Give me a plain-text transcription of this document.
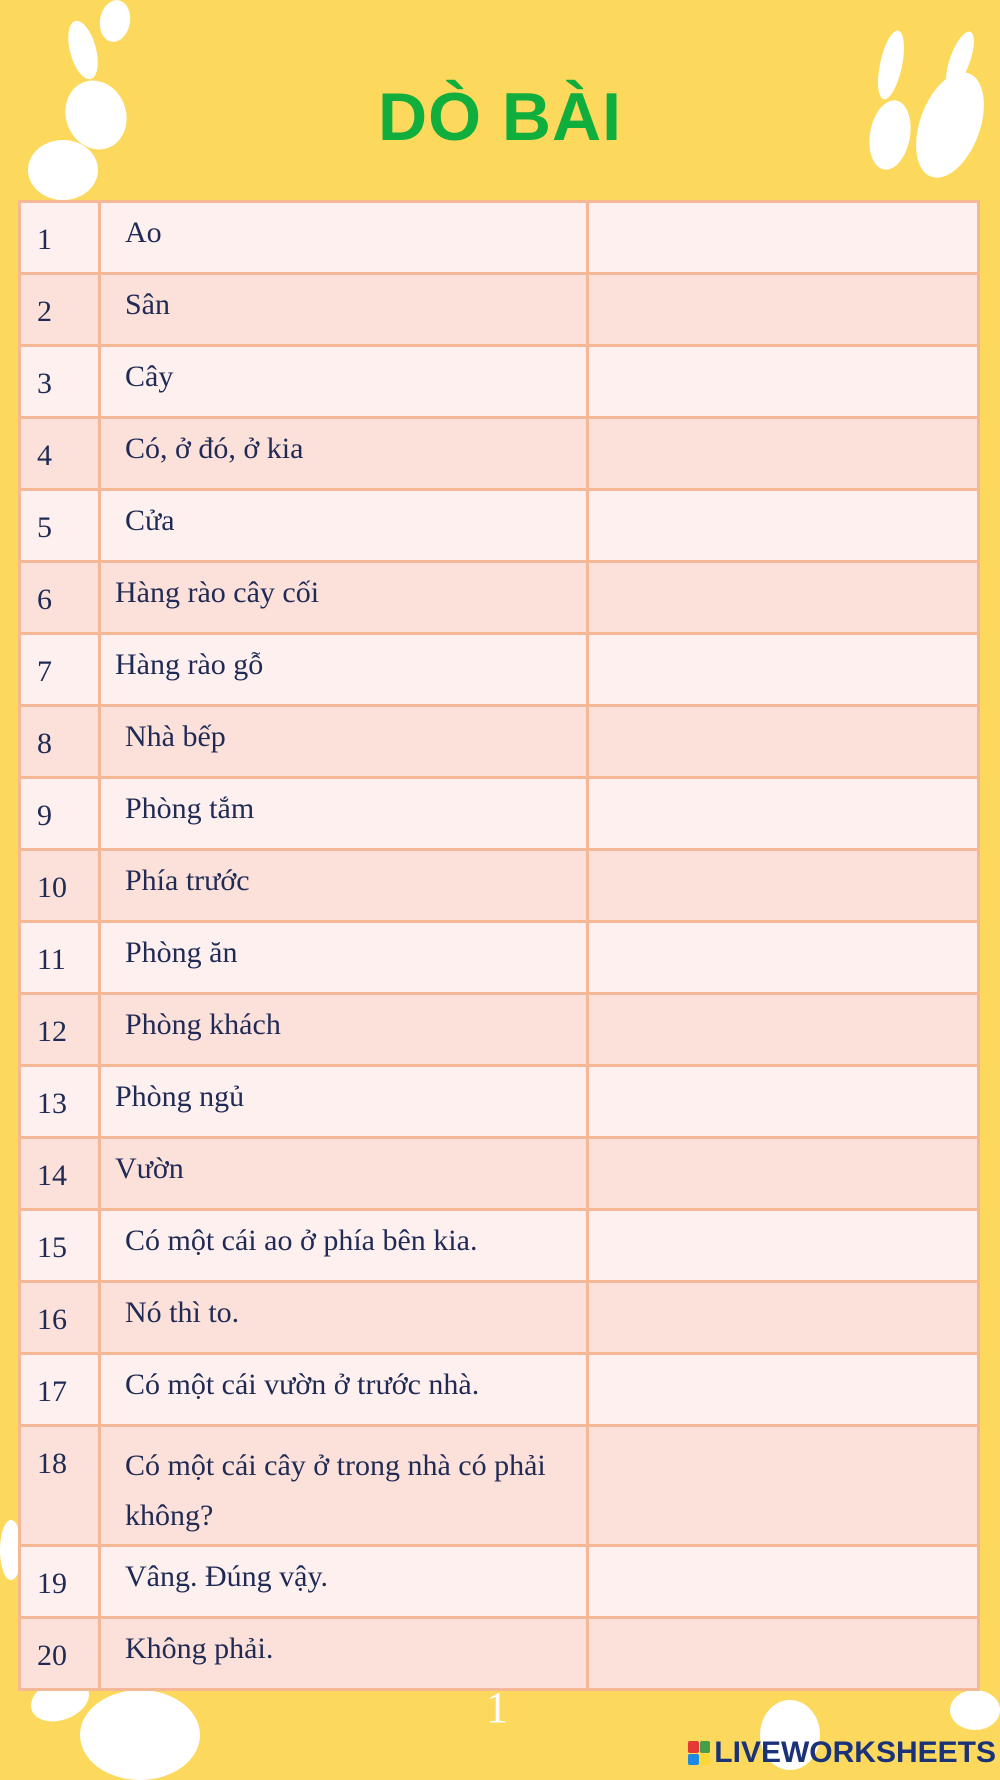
DÒ BÀI
1	Ao	
2	Sân	
3	Cây	
4	Có, ở đó, ở kia	
5	Cửa	
6	Hàng rào cây cối	
7	Hàng rào gỗ	
8	Nhà bếp	
9	Phòng tắm	
10	Phía trước	
11	Phòng ăn	
12	Phòng khách	
13	Phòng ngủ	
14	Vườn	
15	Có một cái ao ở phía bên kia.	
16	Nó thì to.	
17	Có một cái vườn ở trước nhà.	
18	Có một cái cây ở trong nhà có phải không?	
19	Vâng. Đúng vậy.	
20	Không phải.	
1
LIVEWORKSHEETS
